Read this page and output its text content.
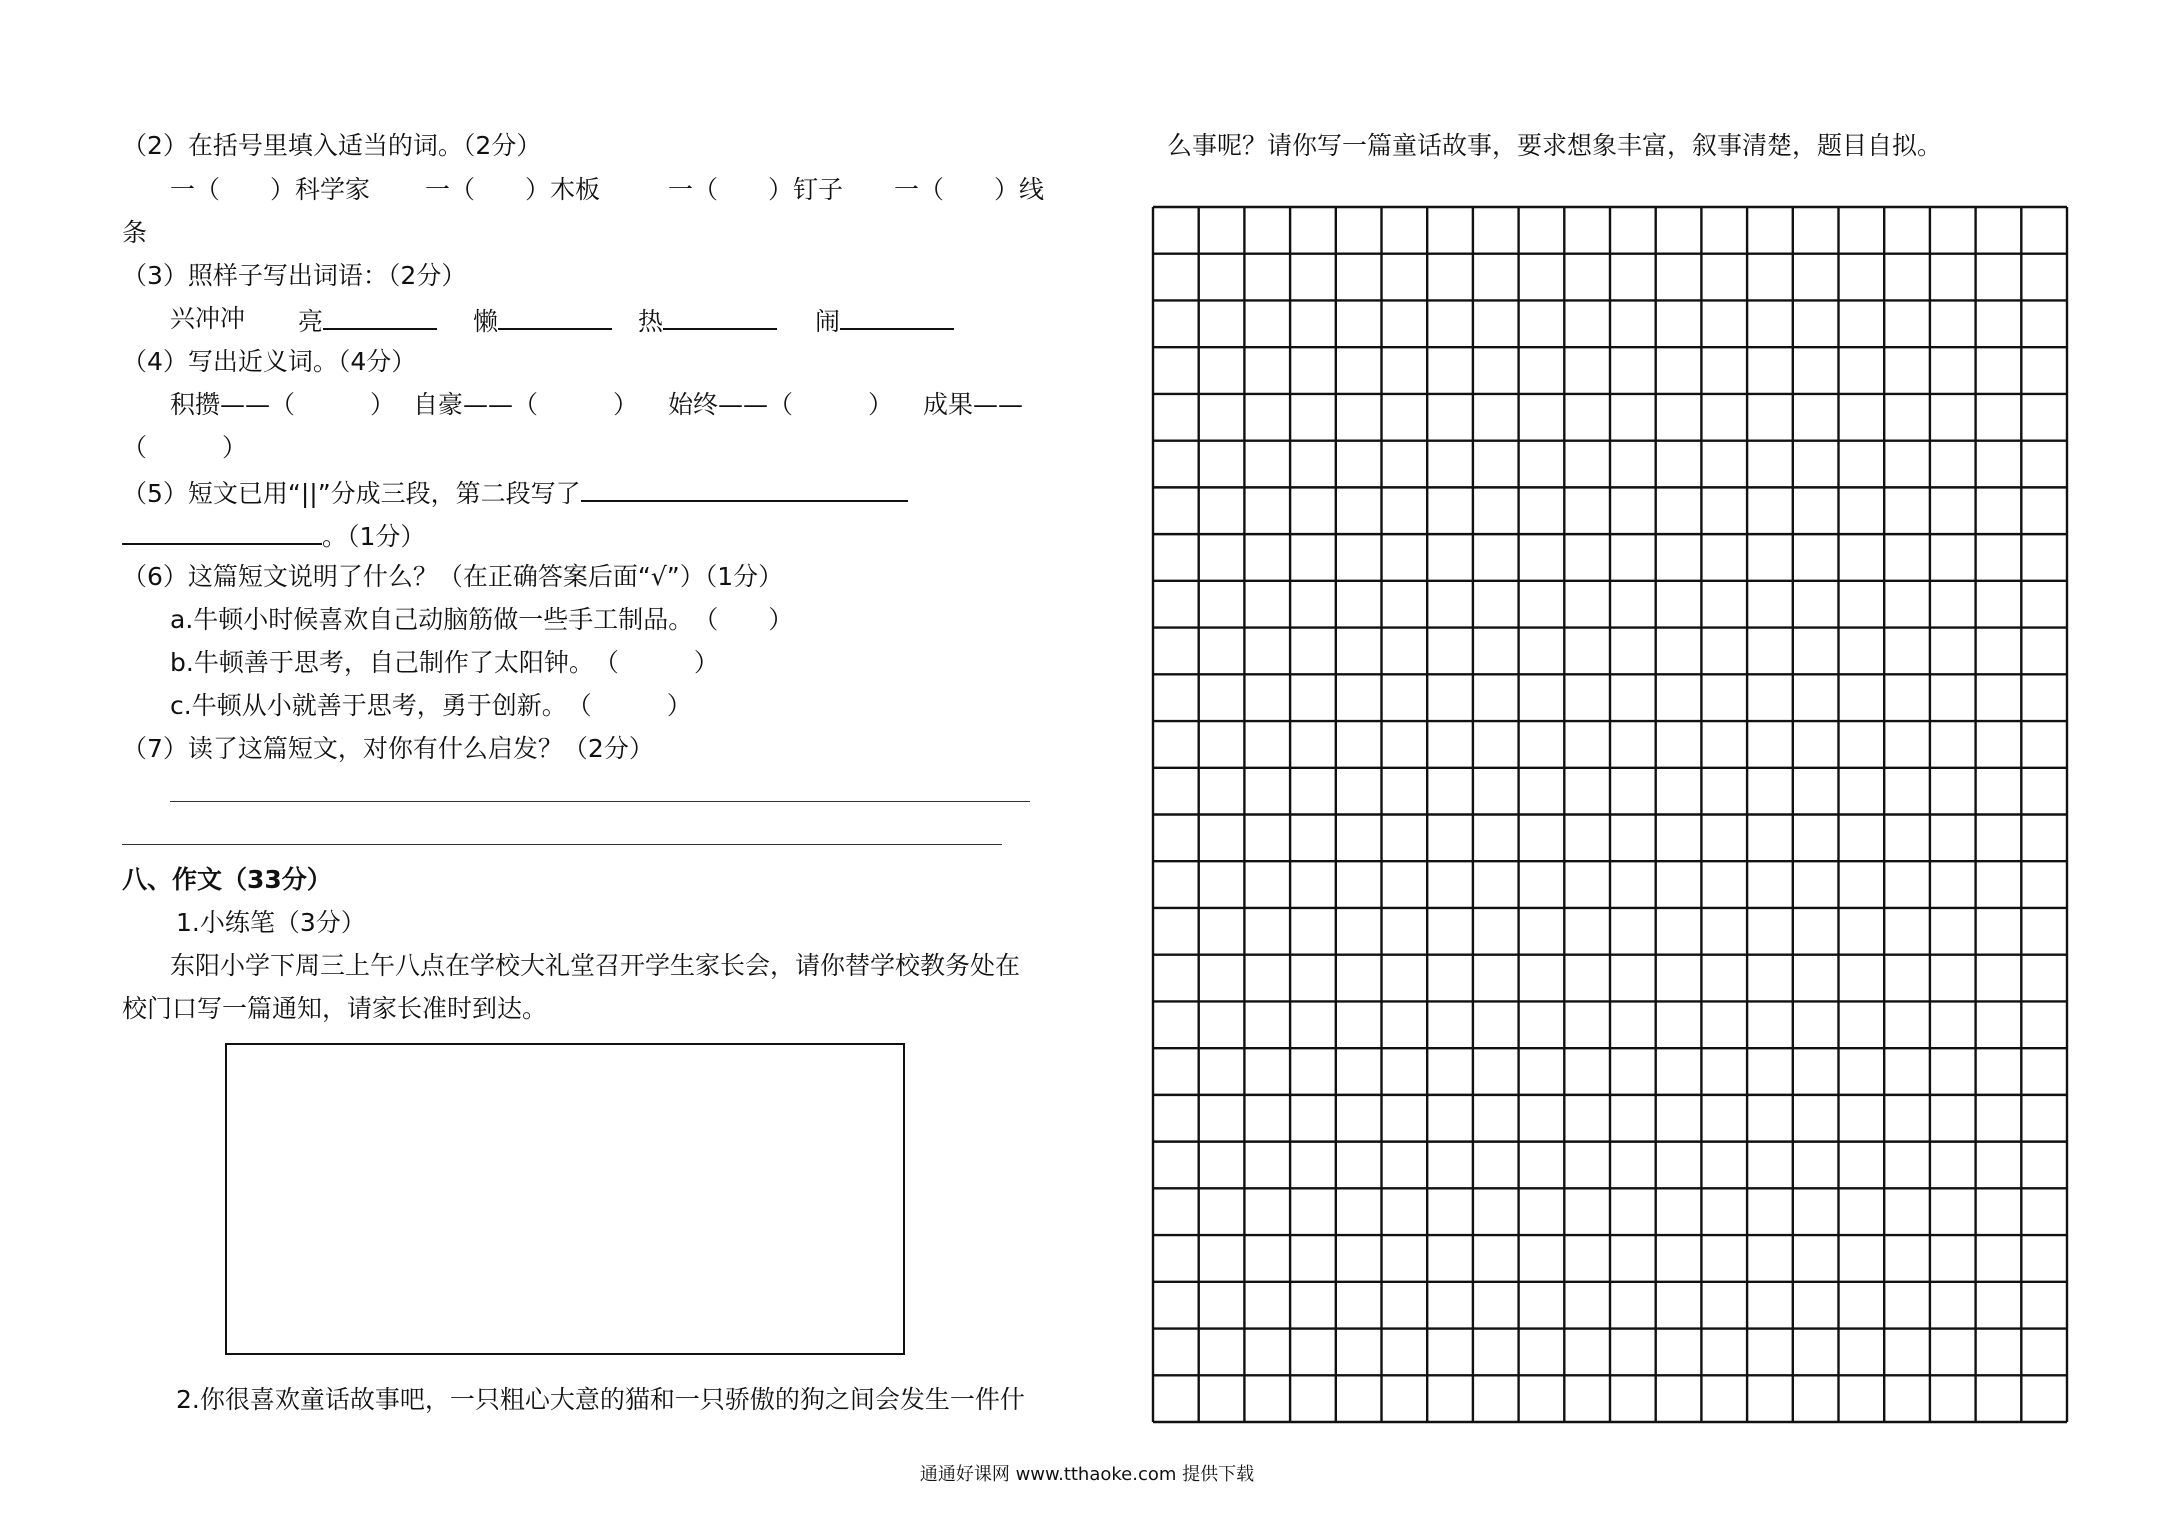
（2）在括号里填入适当的词。（2分）
一（　　）科学家 一（　　）木板	一（　　）钉子 一（　　）线
条
（3）照样子写出词语：（2分）
兴冲冲 亮	懒	热	闹
（4）写出近义词。（4分）
积攒——（　　　） 自豪——（　　　） 始终——（　　　） 成果——
（　　　）
（5）短文已用“||”分成三段，第二段写了
。（1分）
（6）这篇短文说明了什么？（在正确答案后面“√”）（1分）
a.牛顿小时候喜欢自己动脑筋做一些手工制品。　（　　）
b.牛顿善于思考，自己制作了太阳钟。　（　　　）
c.牛顿从小就善于思考，勇于创新。　（　　　）
（7）读了这篇短文，对你有什么启发？（2分）
八、作文（33分）
1.小练笔（3分）
东阳小学下周三上午八点在学校大礼堂召开学生家长会，请你替学校教务处在
校门口写一篇通知，请家长准时到达。
2.你很喜欢童话故事吧，一只粗心大意的猫和一只骄傲的狗之间会发生一件什
么事呢？请你写一篇童话故事，要求想象丰富，叙事清楚，题目自拟。
通通好课网 www.tthaoke.com 提供下载
